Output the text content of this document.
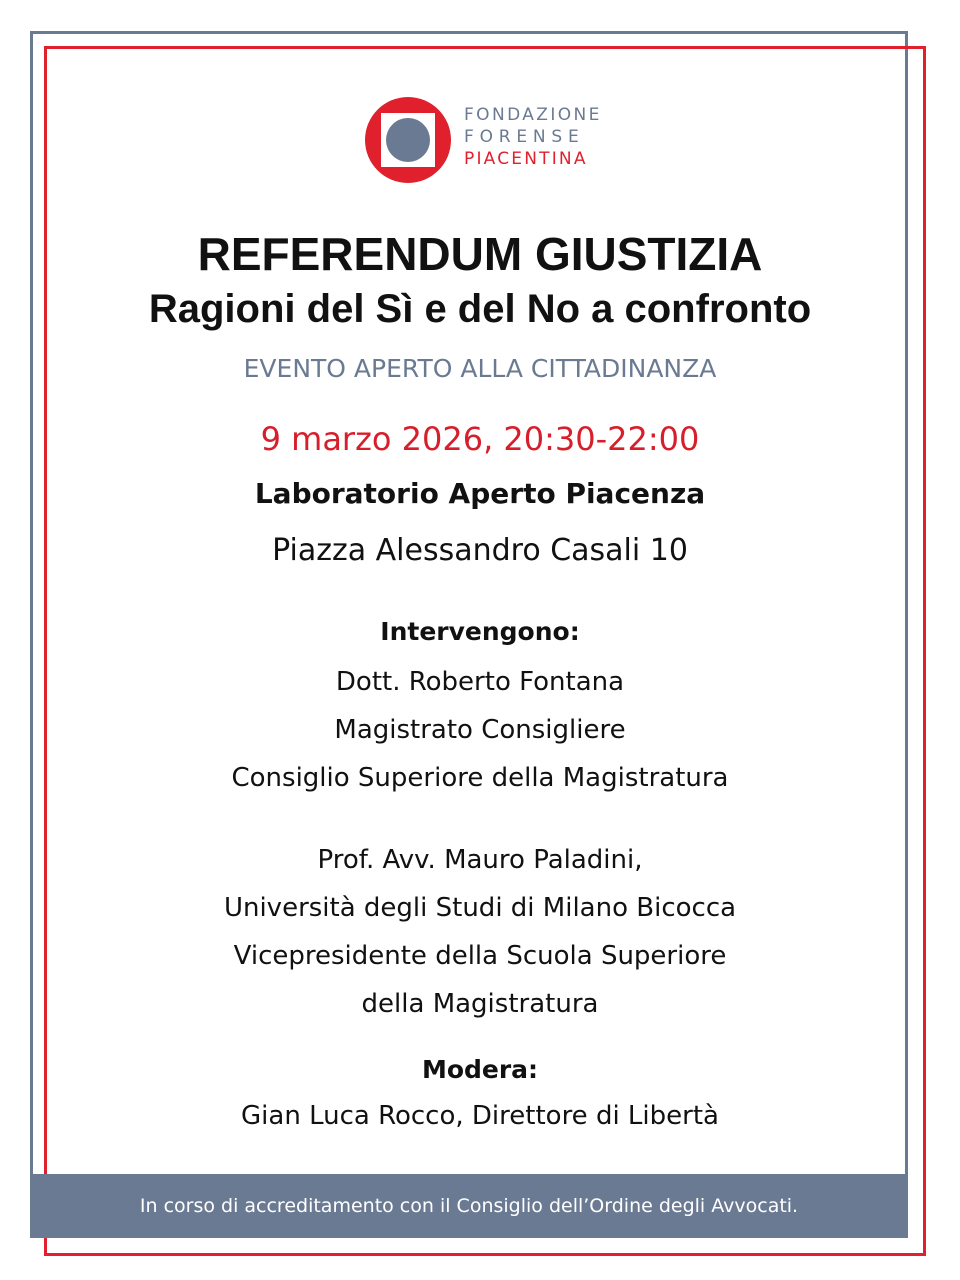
FONDAZIONE
FORENSE
PIACENTINA
REFERENDUM GIUSTIZIA
Ragioni del Sì e del No a confronto
EVENTO APERTO ALLA CITTADINANZA
9 marzo 2026, 20:30-22:00
Laboratorio Aperto Piacenza
Piazza Alessandro Casali 10
Intervengono:
Dott. Roberto Fontana
Magistrato Consigliere
Consiglio Superiore della Magistratura
Prof. Avv. Mauro Paladini,
Università degli Studi di Milano Bicocca
Vicepresidente della Scuola Superiore
della Magistratura
Modera:
Gian Luca Rocco, Direttore di Libertà
In corso di accreditamento con il Consiglio dell’Ordine degli Avvocati.
